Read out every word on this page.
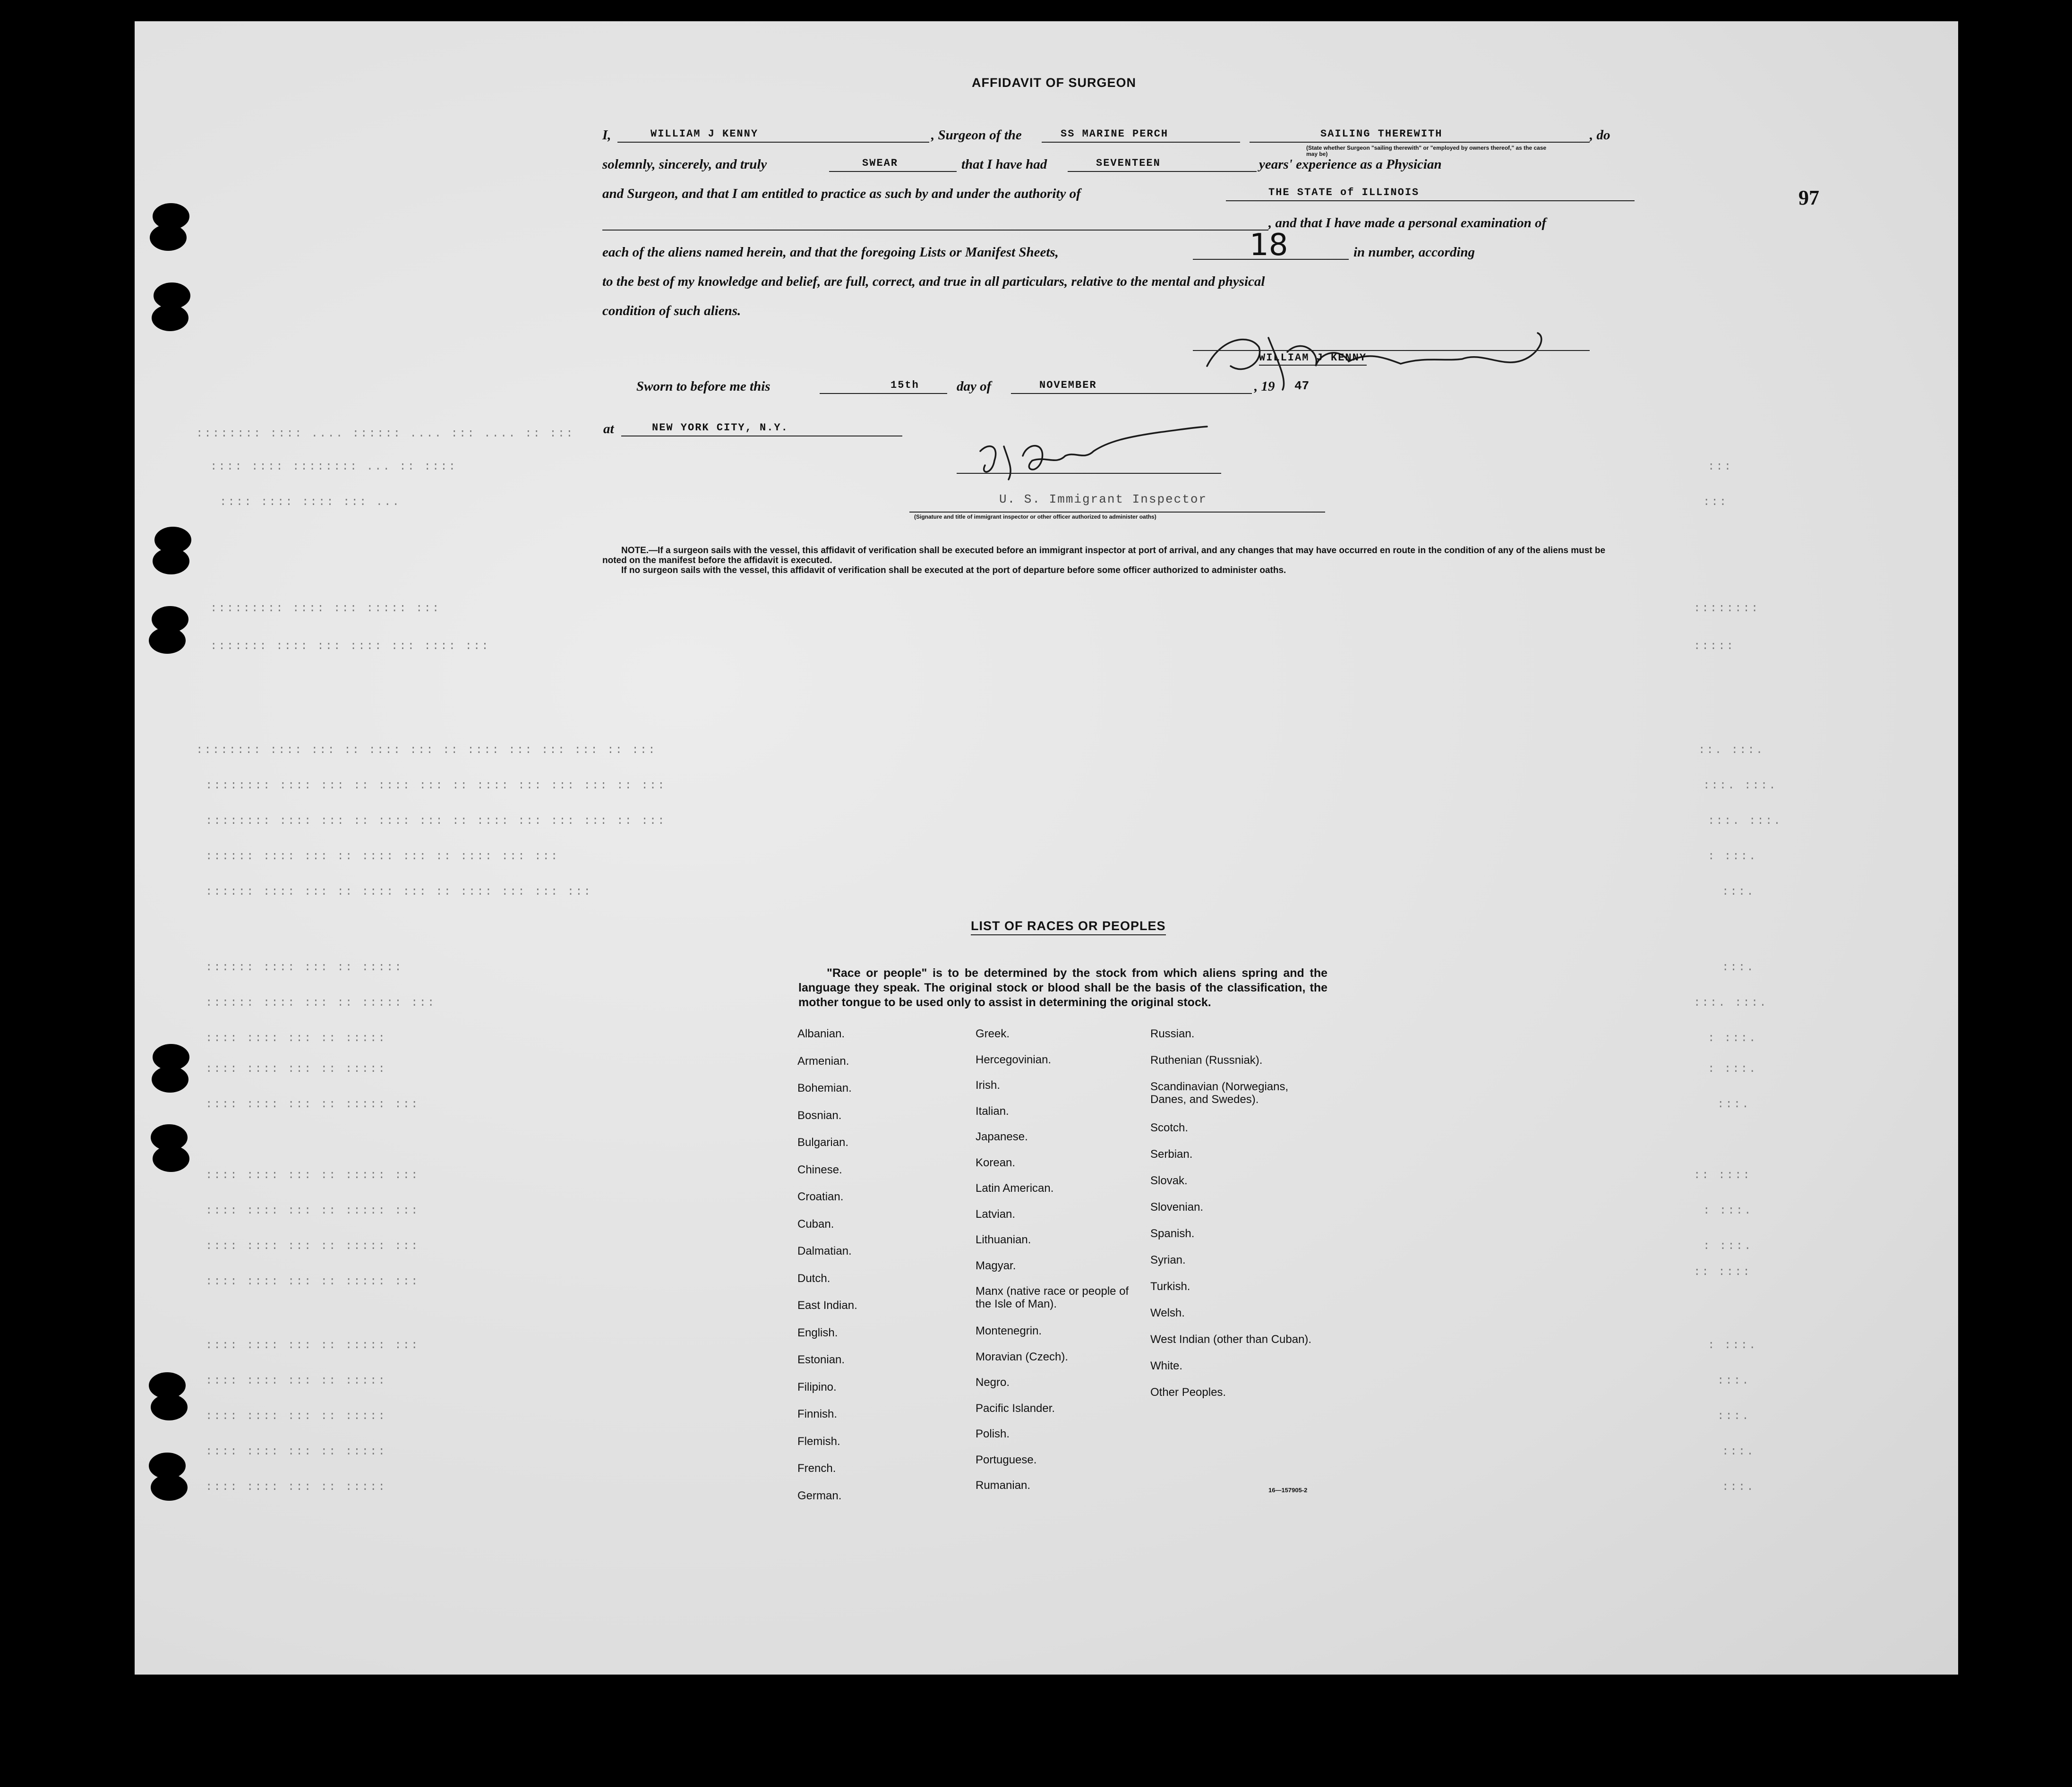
:::::::: :::: .... :::::: .... ::: .... :: :::
:::: :::: :::::::: ... :: ::::
:::: :::: :::: ::: ...
::::::::: :::: ::: ::::: :::
::::::: :::: ::: :::: ::: :::: :::
:::::::: :::: ::: :: :::: ::: :: :::: ::: ::: ::: :: :::
:::::::: :::: ::: :: :::: ::: :: :::: ::: ::: ::: :: :::
:::::::: :::: ::: :: :::: ::: :: :::: ::: ::: ::: :: :::
:::::: :::: ::: :: :::: ::: :: :::: ::: :::
:::::: :::: ::: :: :::: ::: :: :::: ::: ::: :::
:::::: :::: ::: :: :::::
:::::: :::: ::: :: ::::: :::
:::: :::: ::: :: :::::
:::: :::: ::: :: :::::
:::: :::: ::: :: ::::: :::
:::: :::: ::: :: ::::: :::
:::: :::: ::: :: ::::: :::
:::: :::: ::: :: ::::: :::
:::: :::: ::: :: ::::: :::
:::: :::: ::: :: ::::: :::
:::: :::: ::: :: :::::
:::: :::: ::: :: :::::
:::: :::: ::: :: :::::
:::: :::: ::: :: :::::
:::
:::
::::::::
:::::
::. :::.
:::. :::.
:::. :::.
: :::.
:::.
:::.
:::. :::.
: :::.
: :::.
:::.
:: ::::
: :::.
: :::.
:: ::::
: :::.
:::.
:::.
:::.
:::.
97
AFFIDAVIT OF SURGEON
I,	WILLIAM J KENNY	, Surgeon of the	SS MARINE PERCH	SAILING THEREWITH	, do
(State whether Surgeon "sailing therewith" or "employed by owners thereof," as the case may be)
solemnly, sincerely, and truly	SWEAR	that I have had	SEVENTEEN	years' experience as a Physician
and Surgeon, and that I am entitled to practice as such by and under the authority of	THE STATE of ILLINOIS
, and that I have made a personal examination of
each of the aliens named herein, and that the foregoing Lists or Manifest Sheets,	18	in number, according
to the best of my knowledge and belief, are full, correct, and true in all particulars, relative to the mental and physical
condition of such aliens.
WILLIAM J KENNY
Sworn to before me this	15th	day of	NOVEMBER	, 19 47
at	NEW YORK CITY, N.Y.
U. S. Immigrant Inspector
(Signature and title of immigrant inspector or other officer authorized to administer oaths)
NOTE.—If a surgeon sails with the vessel, this affidavit of verification shall be executed before an immigrant inspector at port of arrival, and any changes that may have occurred en route in the condition of any of the aliens must be noted on the manifest before the affidavit is executed.
If no surgeon sails with the vessel, this affidavit of verification shall be executed at the port of departure before some officer authorized to administer oaths.
LIST OF RACES OR PEOPLES
"Race or people" is to be determined by the stock from which aliens spring and the language they speak. The original stock or blood shall be the basis of the classification, the mother tongue to be used only to assist in determining the original stock.
Albanian.
Armenian.
Bohemian.
Bosnian.
Bulgarian.
Chinese.
Croatian.
Cuban.
Dalmatian.
Dutch.
East Indian.
English.
Estonian.
Filipino.
Finnish.
Flemish.
French.
German.
Greek.
Hercegovinian.
Irish.
Italian.
Japanese.
Korean.
Latin American.
Latvian.
Lithuanian.
Magyar.
Manx (native race or people of the Isle of Man).
Montenegrin.
Moravian (Czech).
Negro.
Pacific Islander.
Polish.
Portuguese.
Rumanian.
Russian.
Ruthenian (Russniak).
Scandinavian (Norwegians, Danes, and Swedes).
Scotch.
Serbian.
Slovak.
Slovenian.
Spanish.
Syrian.
Turkish.
Welsh.
West Indian (other than Cuban).
White.
Other Peoples.
16—157905-2
